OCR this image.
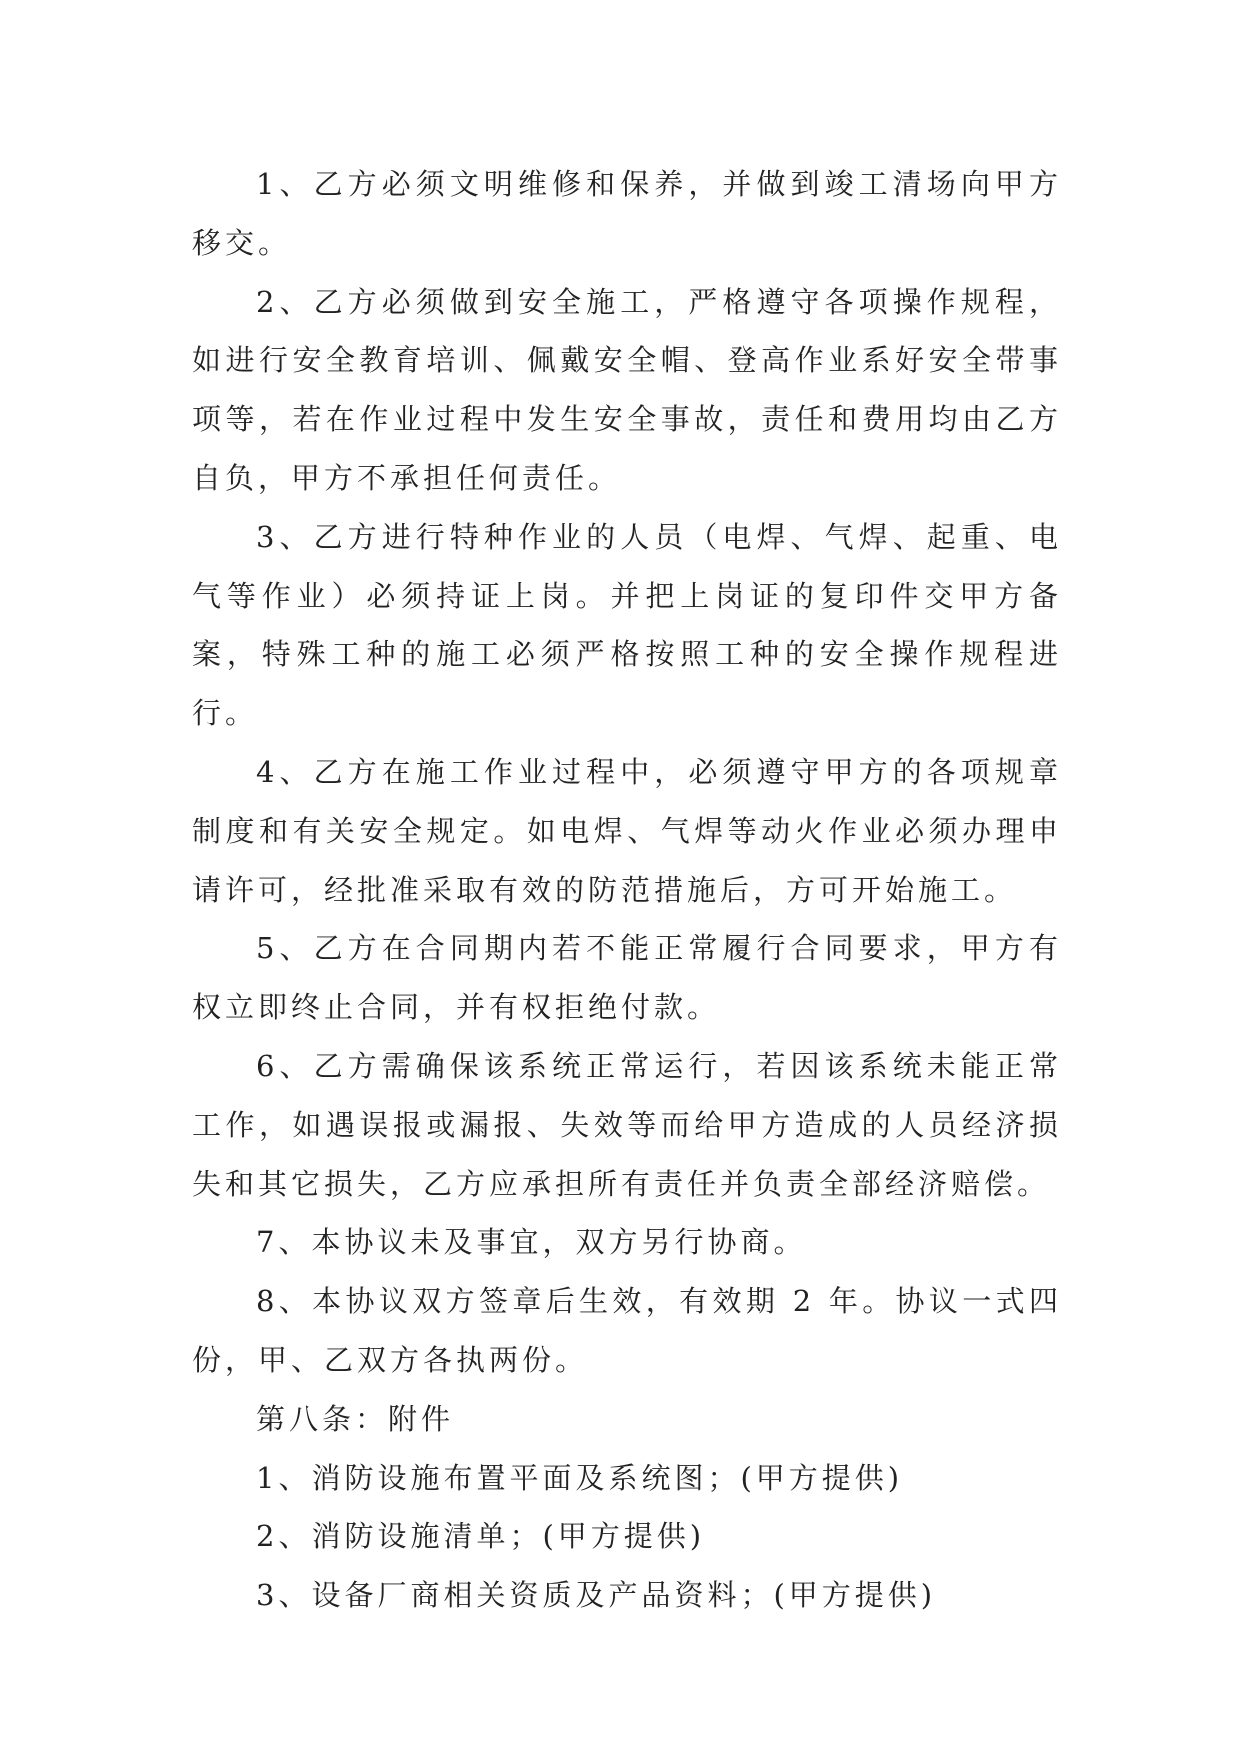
1、乙方必须文明维修和保养，并做到竣工清场向甲方移交。

2、乙方必须做到安全施工，严格遵守各项操作规程，如进行安全教育培训、佩戴安全帽、登高作业系好安全带事项等，若在作业过程中发生安全事故，责任和费用均由乙方自负，甲方不承担任何责任。

3、乙方进行特种作业的人员（电焊、气焊、起重、电气等作业）必须持证上岗。并把上岗证的复印件交甲方备案，特殊工种的施工必须严格按照工种的安全操作规程进行。

4、乙方在施工作业过程中，必须遵守甲方的各项规章制度和有关安全规定。如电焊、气焊等动火作业必须办理申请许可，经批准采取有效的防范措施后，方可开始施工。

5、乙方在合同期内若不能正常履行合同要求，甲方有权立即终止合同，并有权拒绝付款。

6、乙方需确保该系统正常运行，若因该系统未能正常工作，如遇误报或漏报、失效等而给甲方造成的人员经济损失和其它损失，乙方应承担所有责任并负责全部经济赔偿。

7、本协议未及事宜，双方另行协商。

8、本协议双方签章后生效，有效期 2 年。协议一式四份，甲、乙双方各执两份。

第八条：附件

1、消防设施布置平面及系统图；(甲方提供)

2、消防设施清单；(甲方提供)

3、设备厂商相关资质及产品资料；(甲方提供)
